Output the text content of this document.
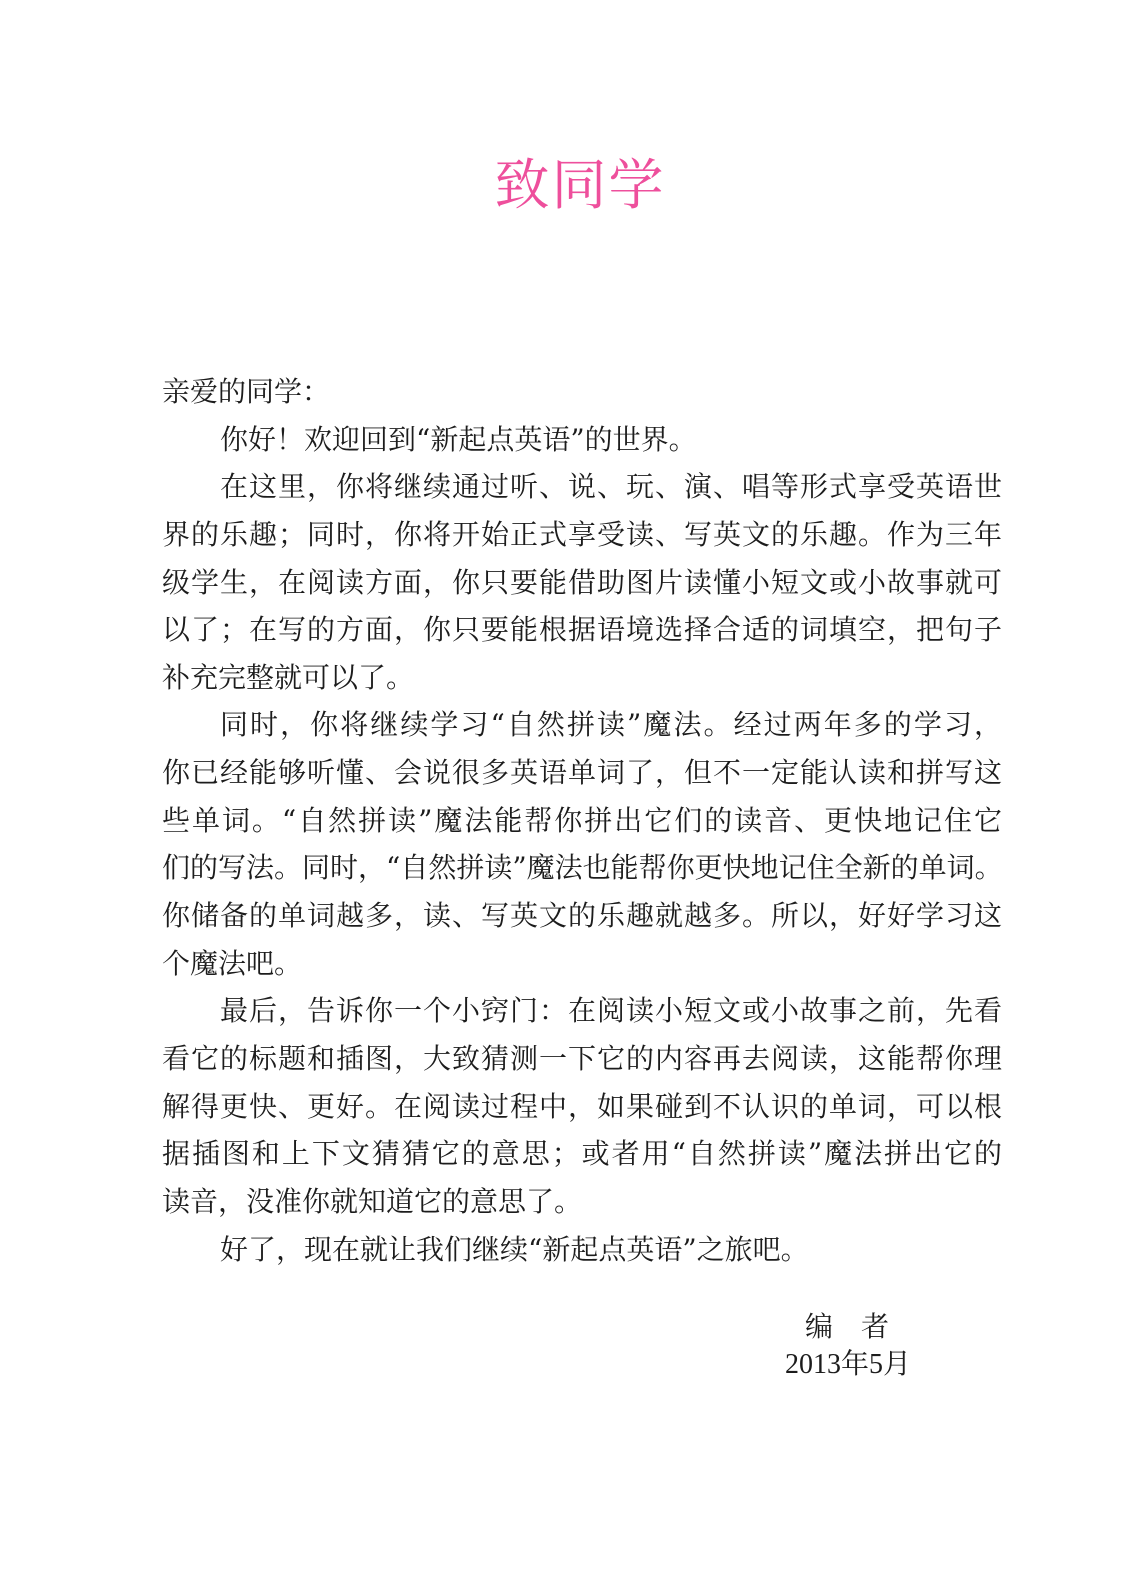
致同学
亲爱的同学：
你好！欢迎回到“新起点英语”的世界。
在这里，你将继续通过听、说、玩、演、唱等形式享受英语世
界的乐趣；同时，你将开始正式享受读、写英文的乐趣。作为三年
级学生，在阅读方面，你只要能借助图片读懂小短文或小故事就可
以了；在写的方面，你只要能根据语境选择合适的词填空，把句子
补充完整就可以了。
同时，你将继续学习“自然拼读”魔法。经过两年多的学习，
你已经能够听懂、会说很多英语单词了，但不一定能认读和拼写这
些单词。“自然拼读”魔法能帮你拼出它们的读音、更快地记住它
们的写法。同时，“自然拼读”魔法也能帮你更快地记住全新的单词。
你储备的单词越多，读、写英文的乐趣就越多。所以，好好学习这
个魔法吧。
最后，告诉你一个小窍门：在阅读小短文或小故事之前，先看
看它的标题和插图，大致猜测一下它的内容再去阅读，这能帮你理
解得更快、更好。在阅读过程中，如果碰到不认识的单词，可以根
据插图和上下文猜猜它的意思；或者用“自然拼读”魔法拼出它的
读音，没准你就知道它的意思了。
好了，现在就让我们继续“新起点英语”之旅吧。
编　者
2013年5月
